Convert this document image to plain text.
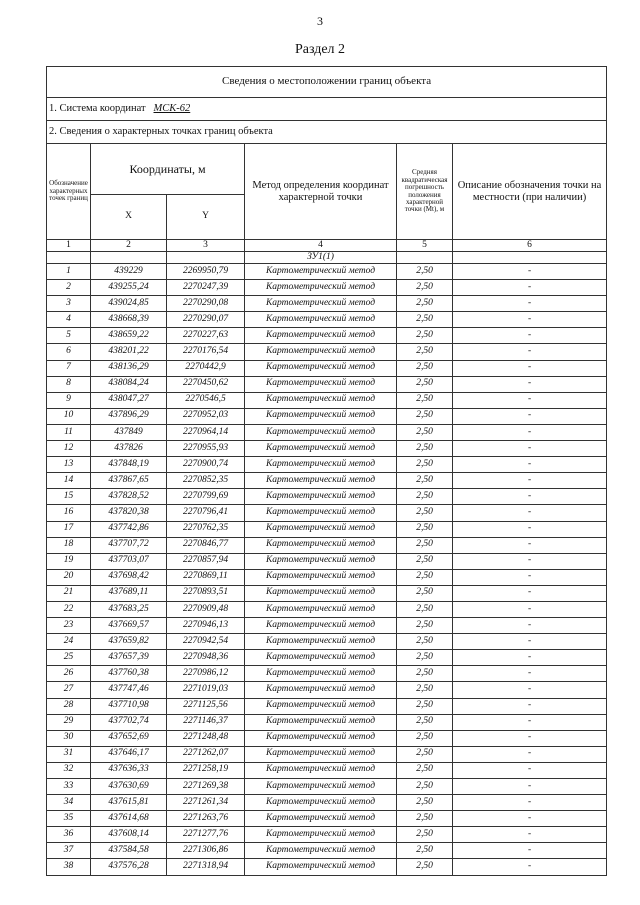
3
Раздел 2
Сведения о местоположении границ объекта					
1. Система координат МСК-62					
2. Сведения о характерных точках границ объекта					
Обозначение характерных точек границ	Координаты, м		Метод определения координат характерной точки	Средняя квадратическая погрешность положения характерной точки (Mt), м	Описание обозначения точки на местности (при наличии)
	X	Y			
1	2	3	4	5	6
			ЗУ1(1)		
1	439229	2269950,79	Картометрический метод	2,50	-
2	439255,24	2270247,39	Картометрический метод	2,50	-
3	439024,85	2270290,08	Картометрический метод	2,50	-
4	438668,39	2270290,07	Картометрический метод	2,50	-
5	438659,22	2270227,63	Картометрический метод	2,50	-
6	438201,22	2270176,54	Картометрический метод	2,50	-
7	438136,29	2270442,9	Картометрический метод	2,50	-
8	438084,24	2270450,62	Картометрический метод	2,50	-
9	438047,27	2270546,5	Картометрический метод	2,50	-
10	437896,29	2270952,03	Картометрический метод	2,50	-
11	437849	2270964,14	Картометрический метод	2,50	-
12	437826	2270955,93	Картометрический метод	2,50	-
13	437848,19	2270900,74	Картометрический метод	2,50	-
14	437867,65	2270852,35	Картометрический метод	2,50	-
15	437828,52	2270799,69	Картометрический метод	2,50	-
16	437820,38	2270796,41	Картометрический метод	2,50	-
17	437742,86	2270762,35	Картометрический метод	2,50	-
18	437707,72	2270846,77	Картометрический метод	2,50	-
19	437703,07	2270857,94	Картометрический метод	2,50	-
20	437698,42	2270869,11	Картометрический метод	2,50	-
21	437689,11	2270893,51	Картометрический метод	2,50	-
22	437683,25	2270909,48	Картометрический метод	2,50	-
23	437669,57	2270946,13	Картометрический метод	2,50	-
24	437659,82	2270942,54	Картометрический метод	2,50	-
25	437657,39	2270948,36	Картометрический метод	2,50	-
26	437760,38	2270986,12	Картометрический метод	2,50	-
27	437747,46	2271019,03	Картометрический метод	2,50	-
28	437710,98	2271125,56	Картометрический метод	2,50	-
29	437702,74	2271146,37	Картометрический метод	2,50	-
30	437652,69	2271248,48	Картометрический метод	2,50	-
31	437646,17	2271262,07	Картометрический метод	2,50	-
32	437636,33	2271258,19	Картометрический метод	2,50	-
33	437630,69	2271269,38	Картометрический метод	2,50	-
34	437615,81	2271261,34	Картометрический метод	2,50	-
35	437614,68	2271263,76	Картометрический метод	2,50	-
36	437608,14	2271277,76	Картометрический метод	2,50	-
37	437584,58	2271306,86	Картометрический метод	2,50	-
38	437576,28	2271318,94	Картометрический метод	2,50	-
